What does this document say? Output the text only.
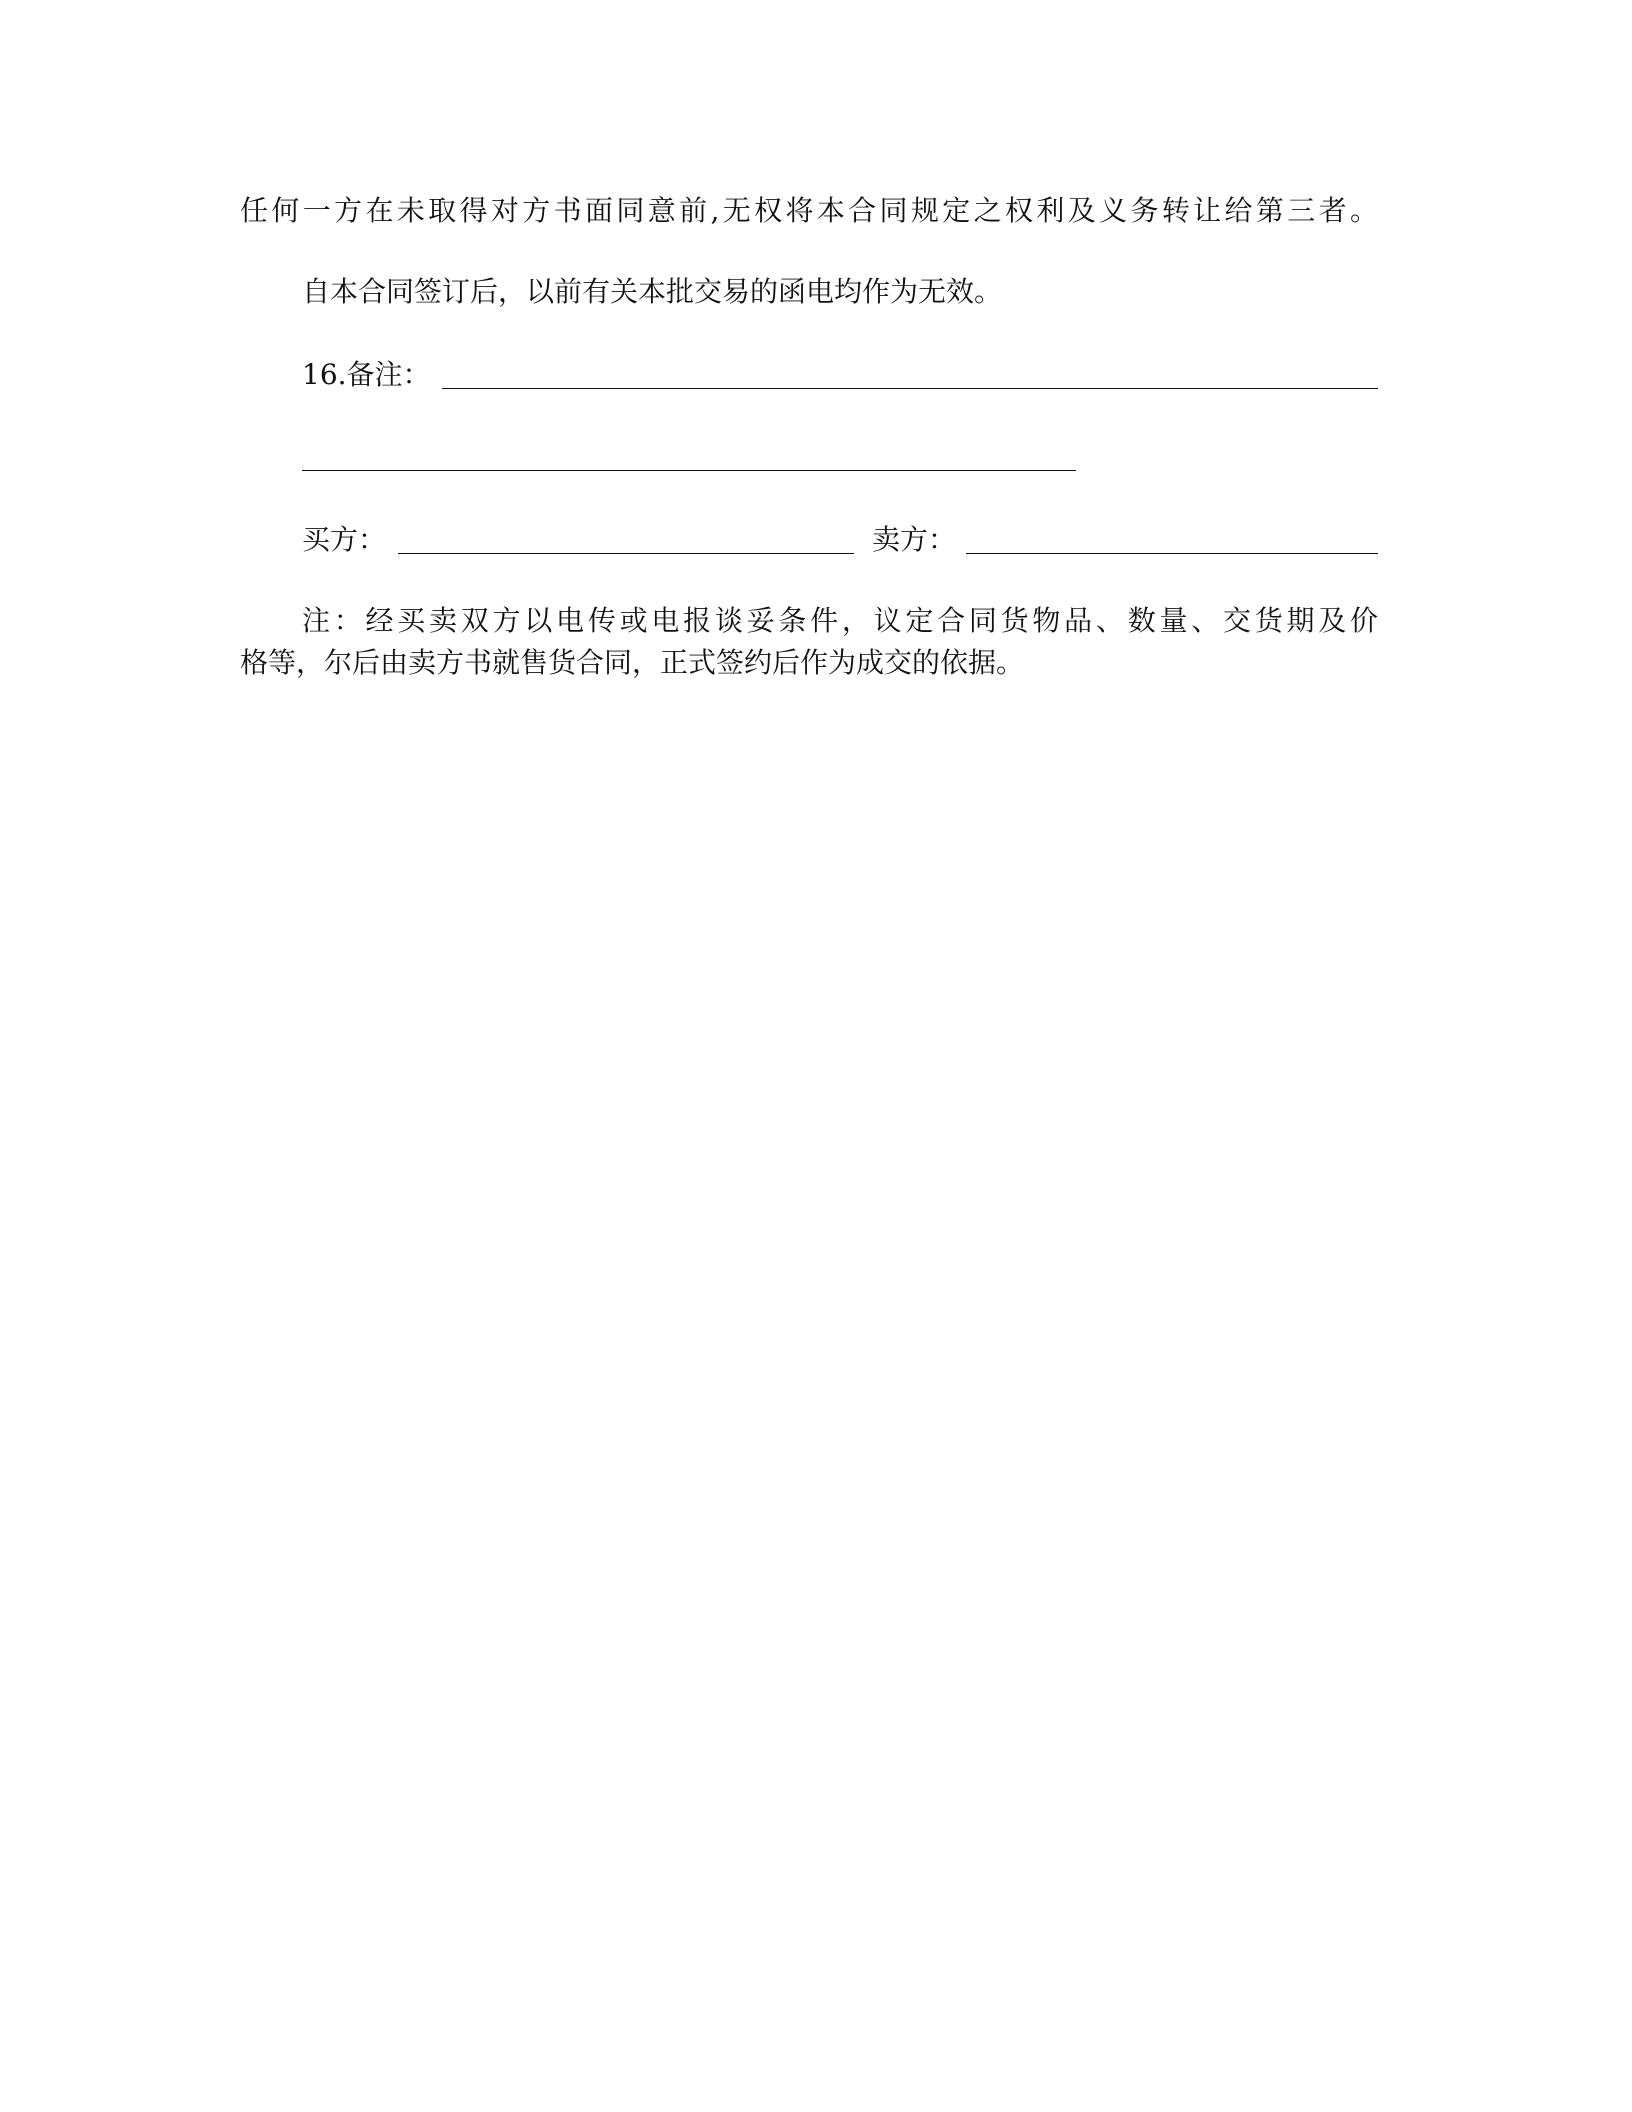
任何一方在未取得对方书面同意前,无权将本合同规定之权利及义务转让给第三者。
自本合同签订后，以前有关本批交易的函电均作为无效。
16.备注：
买方：	卖方：
注：经买卖双方以电传或电报谈妥条件，议定合同货物品、数量、交货期及价
格等，尔后由卖方书就售货合同，正式签约后作为成交的依据。
